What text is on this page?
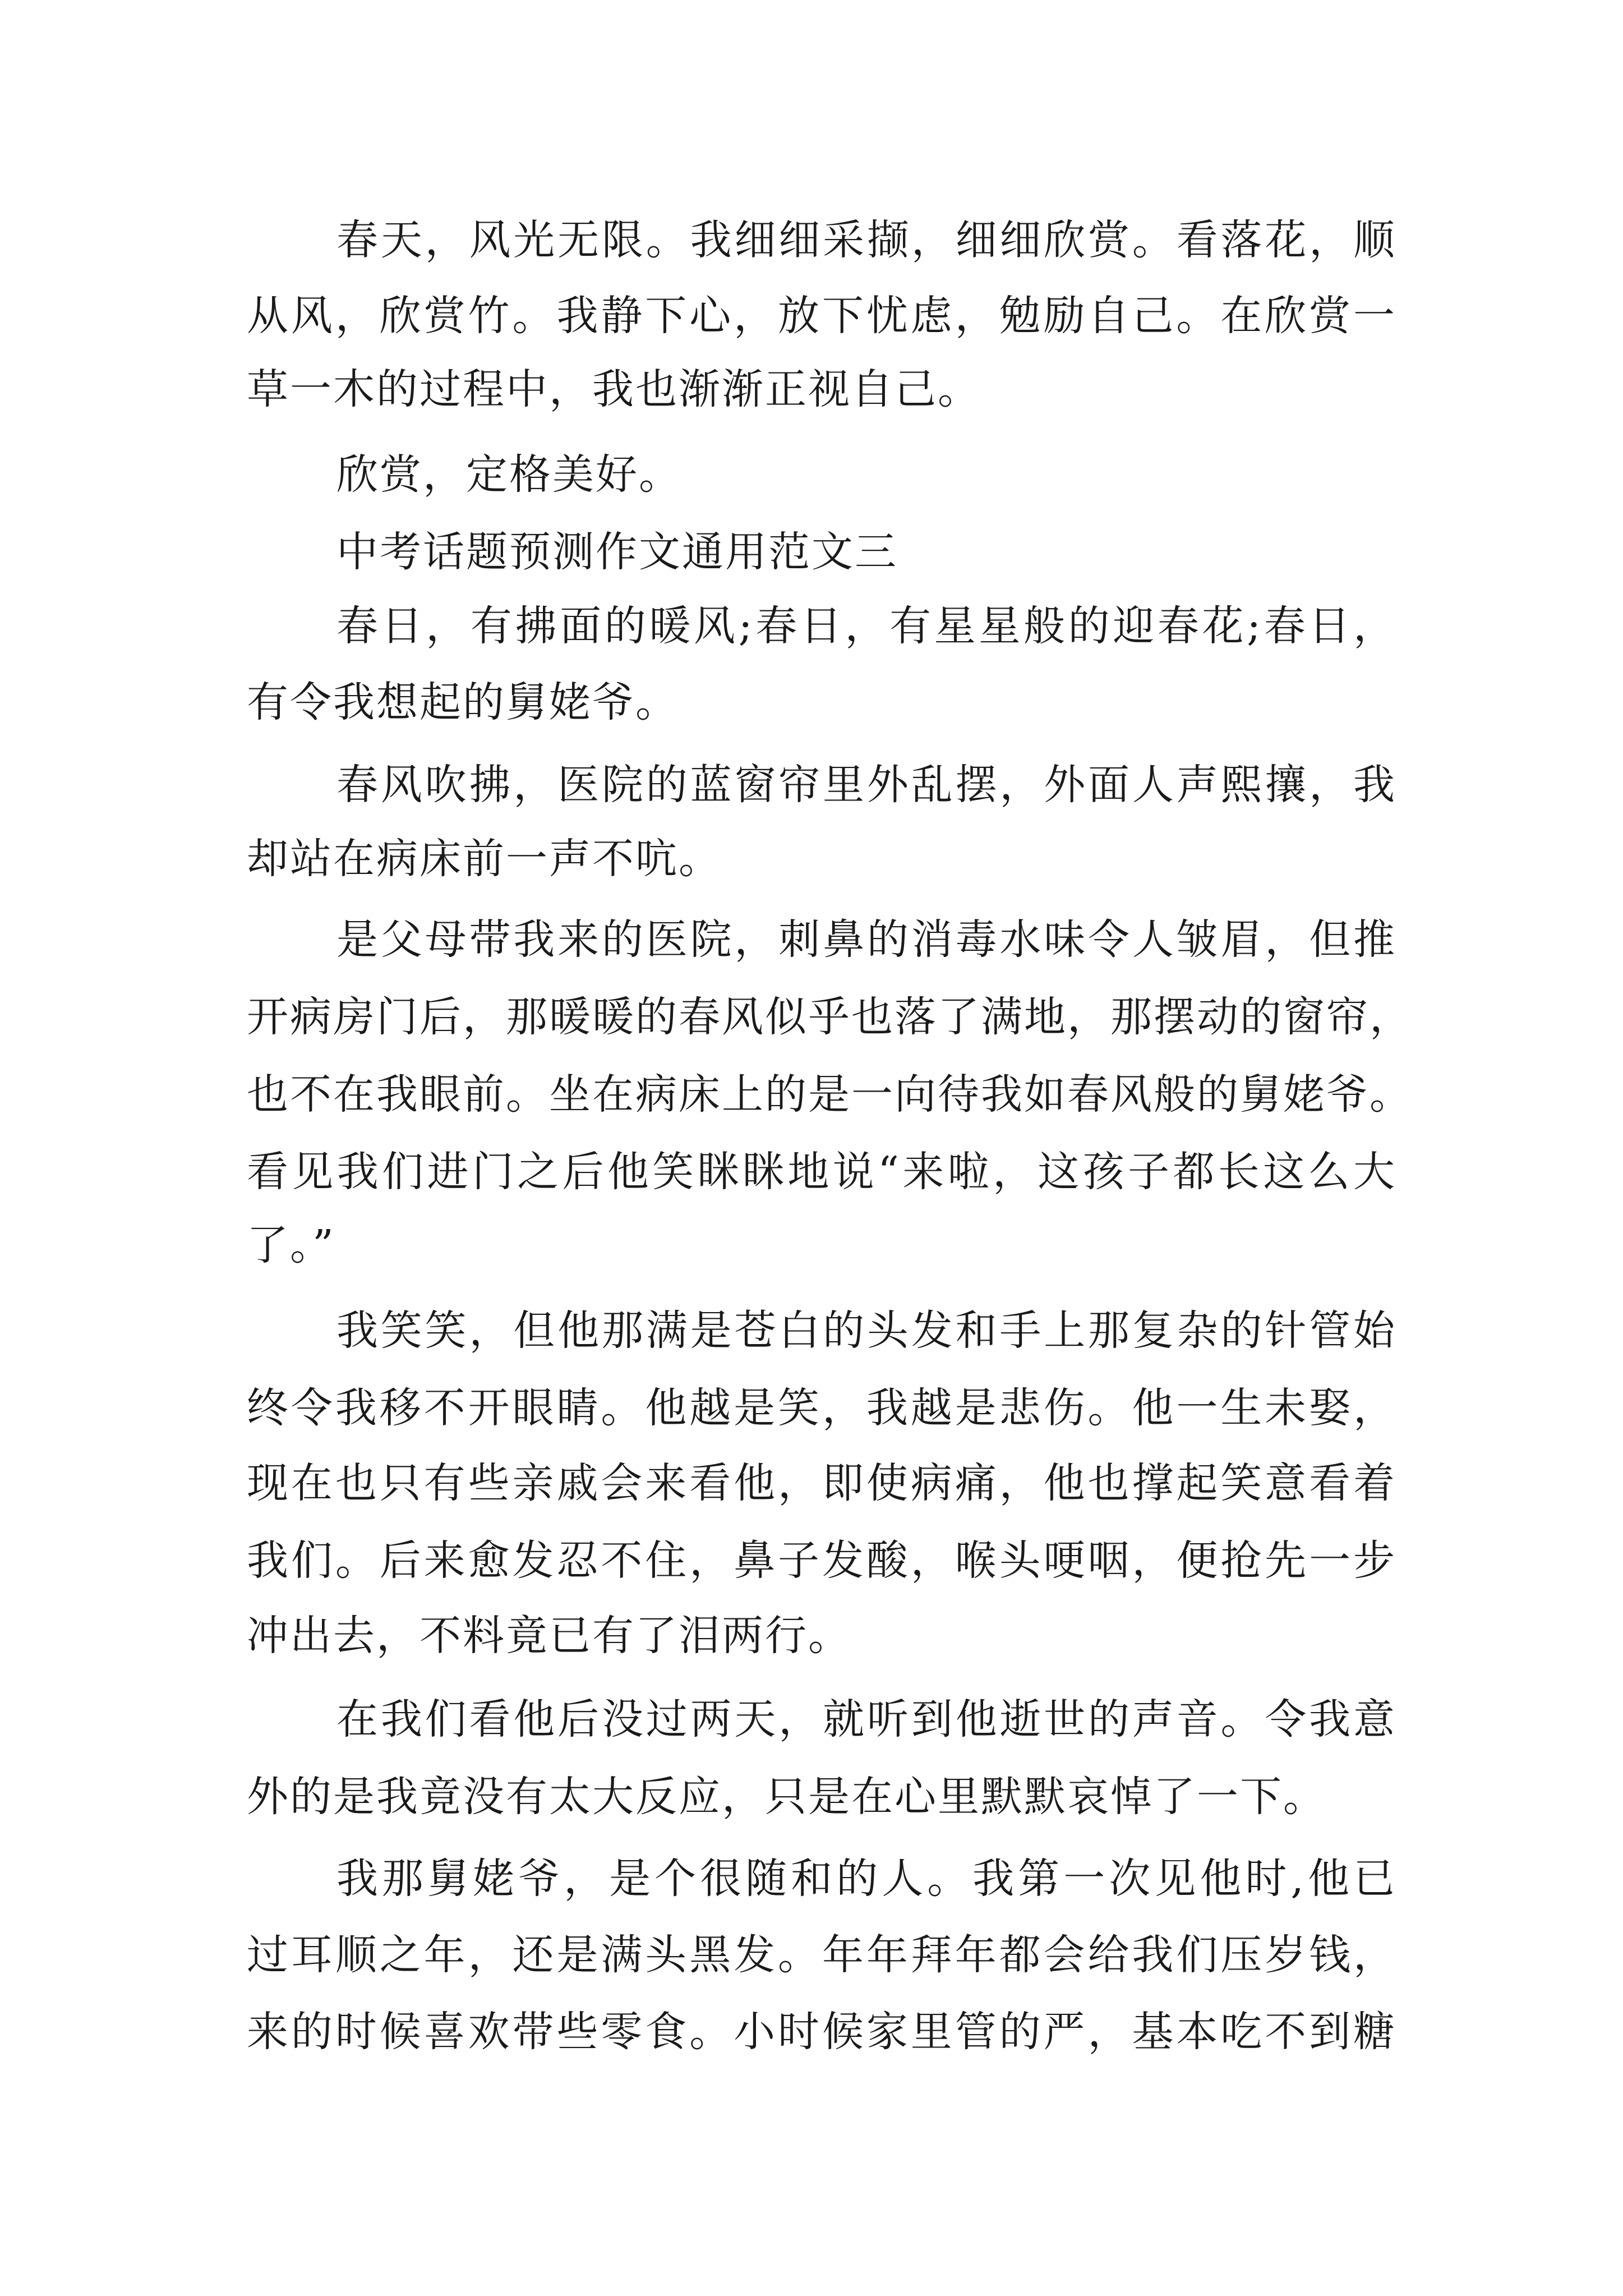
春天，风光无限。我细细采撷，细细欣赏。看落花，顺
从风，欣赏竹。我静下心，放下忧虑，勉励自己。在欣赏一
草一木的过程中，我也渐渐正视自己。
欣赏，定格美好。
中考话题预测作文通用范文三
春日，有拂面的暖风;春日，有星星般的迎春花;春日，
有令我想起的舅姥爷。
春风吹拂，医院的蓝窗帘里外乱摆，外面人声熙攘，我
却站在病床前一声不吭。
是父母带我来的医院，刺鼻的消毒水味令人皱眉，但推
开病房门后，那暖暖的春风似乎也落了满地，那摆动的窗帘，
也不在我眼前。坐在病床上的是一向待我如春风般的舅姥爷。
看见我们进门之后他笑眯眯地说“来啦，这孩子都长这么大
了。”
我笑笑，但他那满是苍白的头发和手上那复杂的针管始
终令我移不开眼睛。他越是笑，我越是悲伤。他一生未娶，
现在也只有些亲戚会来看他，即使病痛，他也撑起笑意看着
我们。后来愈发忍不住，鼻子发酸，喉头哽咽，便抢先一步
冲出去，不料竟已有了泪两行。
在我们看他后没过两天，就听到他逝世的声音。令我意
外的是我竟没有太大反应，只是在心里默默哀悼了一下。
我那舅姥爷，是个很随和的人。我第一次见他时,他已
过耳顺之年，还是满头黑发。年年拜年都会给我们压岁钱，
来的时候喜欢带些零食。小时候家里管的严，基本吃不到糖
